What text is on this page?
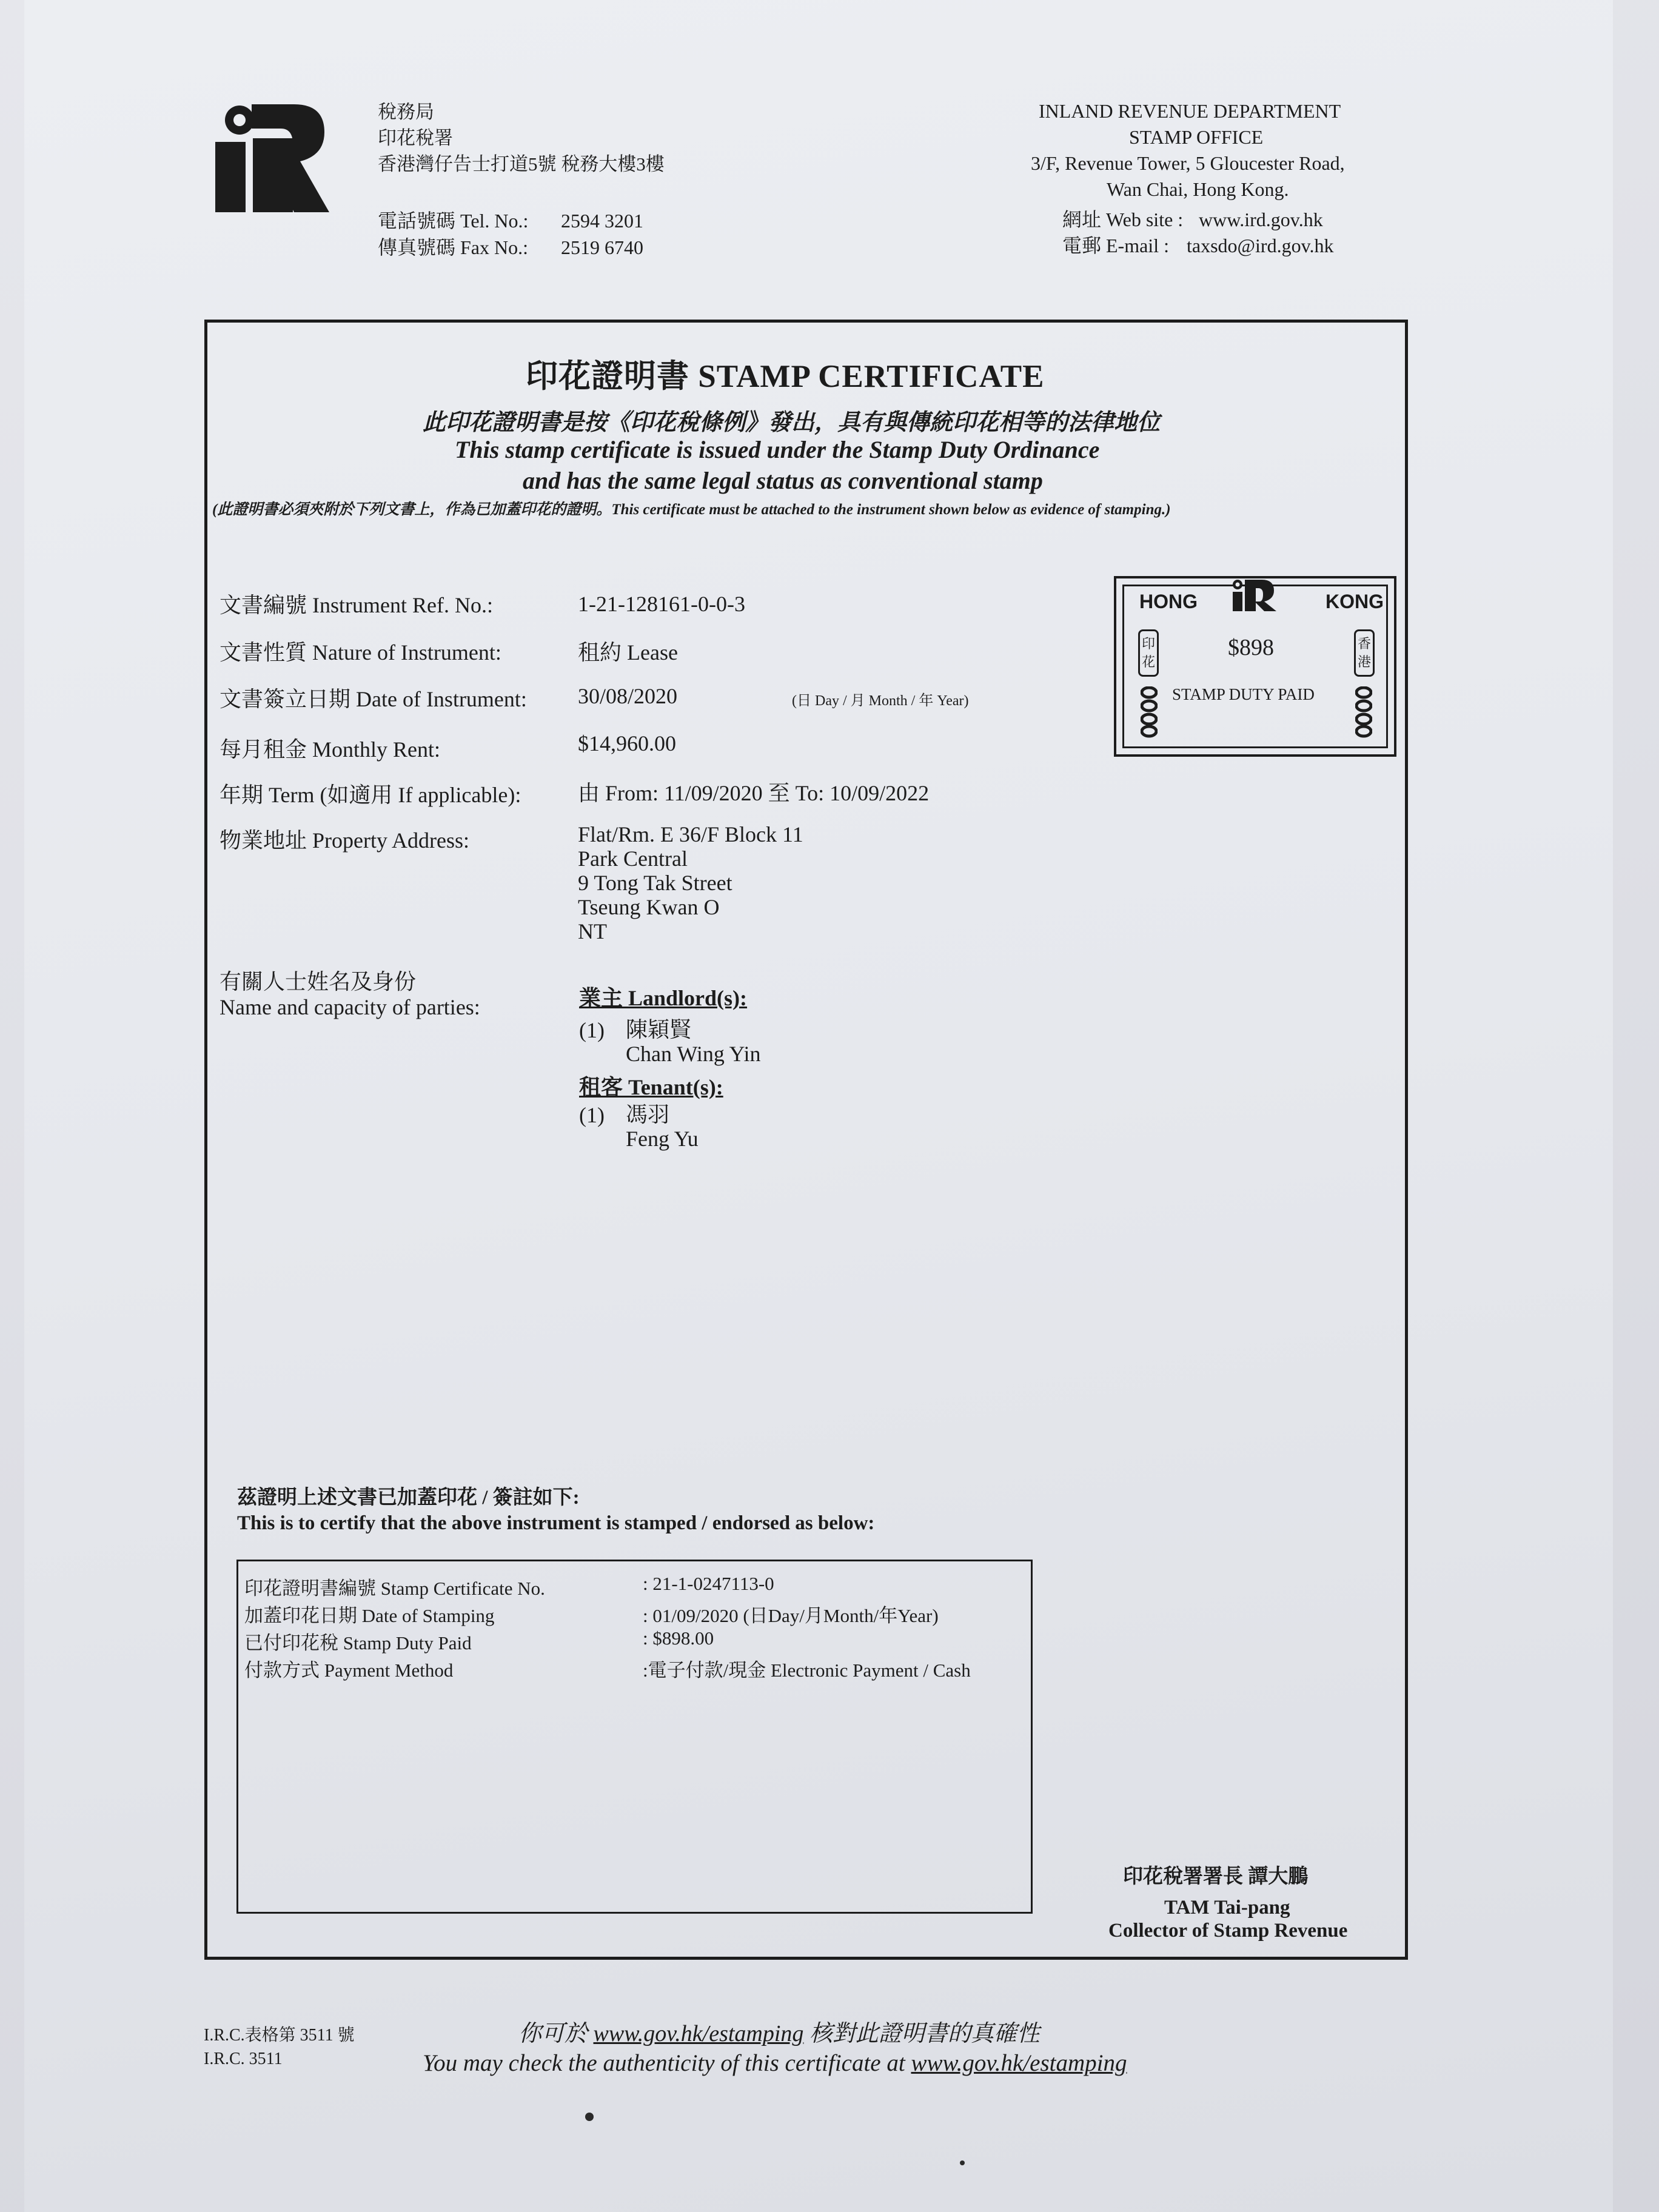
稅務局
印花稅署
香港灣仔告士打道5號 稅務大樓3樓
電話號碼 Tel. No.: 2594 3201
傳真號碼 Fax No.: 2519 6740
INLAND REVENUE DEPARTMENT
STAMP OFFICE
3/F, Revenue Tower, 5 Gloucester Road,
Wan Chai, Hong Kong.
網址 Web site : www.ird.gov.hk
電郵 E-mail : taxsdo@ird.gov.hk
印花證明書 STAMP CERTIFICATE
此印花證明書是按《印花稅條例》發出，具有與傳統印花相等的法律地位
This stamp certificate is issued under the Stamp Duty Ordinance
and has the same legal status as conventional stamp
(此證明書必須夾附於下列文書上，作為已加蓋印花的證明。This certificate must be attached to the instrument shown below as evidence of stamping.)
文書編號 Instrument Ref. No.:	1-21-128161-0-0-3
文書性質 Nature of Instrument:	租約 Lease
文書簽立日期 Date of Instrument: 30/08/2020	(日 Day / 月 Month / 年 Year)
每月租金 Monthly Rent:	$14,960.00
年期 Term (如適用 If applicable):	由 From: 11/09/2020 至 To: 10/09/2022
物業地址 Property Address:	Flat/Rm. E 36/F Block 11
Park Central
9 Tong Tak Street
Tseung Kwan O
NT
有關人士姓名及身份
Name and capacity of parties:	業主 Landlord(s):
(1) 陳穎賢
Chan Wing Yin
租客 Tenant(s):
(1) 馮羽
Feng Yu
HONG	KONG
印花
香港
$898
STAMP DUTY PAID
茲證明上述文書已加蓋印花 / 簽註如下:
This is to certify that the above instrument is stamped / endorsed as below:
印花證明書編號 Stamp Certificate No.	: 21-1-0247113-0
加蓋印花日期 Date of Stamping	: 01/09/2020 (日Day/月Month/年Year)
已付印花稅 Stamp Duty Paid	: $898.00
付款方式 Payment Method	:電子付款/現金 Electronic Payment / Cash
印花稅署署長 譚大鵬
TAM Tai-pang
Collector of Stamp Revenue
I.R.C.表格第 3511 號
I.R.C. 3511
你可於 www.gov.hk/estamping 核對此證明書的真確性
You may check the authenticity of this certificate at www.gov.hk/estamping
